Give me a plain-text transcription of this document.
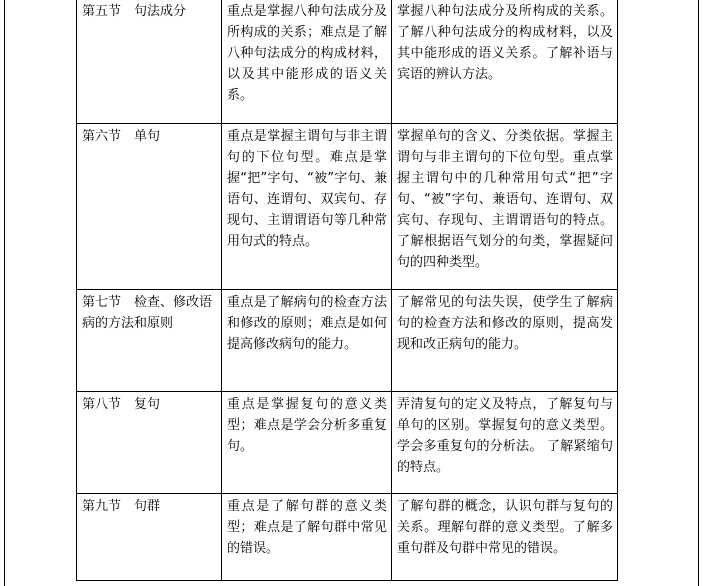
第五节　句法成分	重点是掌握八种句法成分及所构成的关系；难点是了解八种句法成分的构成材料，以及其中能形成的语义关系。	掌握八种句法成分及所构成的关系。了解八种句法成分的构成材料，以及其中能形成的语义关系。了解补语与宾语的辨认方法。
第六节　单句	重点是掌握主谓句与非主谓句的下位句型。难点是掌握“把”字句、“被”字句、兼语句、连谓句、双宾句、存现句、主谓谓语句等几种常用句式的特点。	掌握单句的含义、分类依据。掌握主谓句与非主谓句的下位句型。重点掌握主谓句中的几种常用句式“把”字句、“被”字句、兼语句、连谓句、双宾句、存现句、主谓谓语句的特点。了解根据语气划分的句类，掌握疑问句的四种类型。
第七节　检查、修改语病的方法和原则	重点是了解病句的检查方法和修改的原则；难点是如何提高修改病句的能力。	了解常见的句法失误，使学生了解病句的检查方法和修改的原则，提高发现和改正病句的能力。
第八节　复句	重点是掌握复句的意义类型；难点是学会分析多重复句。	弄清复句的定义及特点，了解复句与单句的区别。掌握复句的意义类型。学会多重复句的分析法。 了解紧缩句的特点。
第九节　句群	重点是了解句群的意义类型；难点是了解句群中常见的错误。	了解句群的概念，认识句群与复句的关系。理解句群的意义类型。了解多重句群及句群中常见的错误。
